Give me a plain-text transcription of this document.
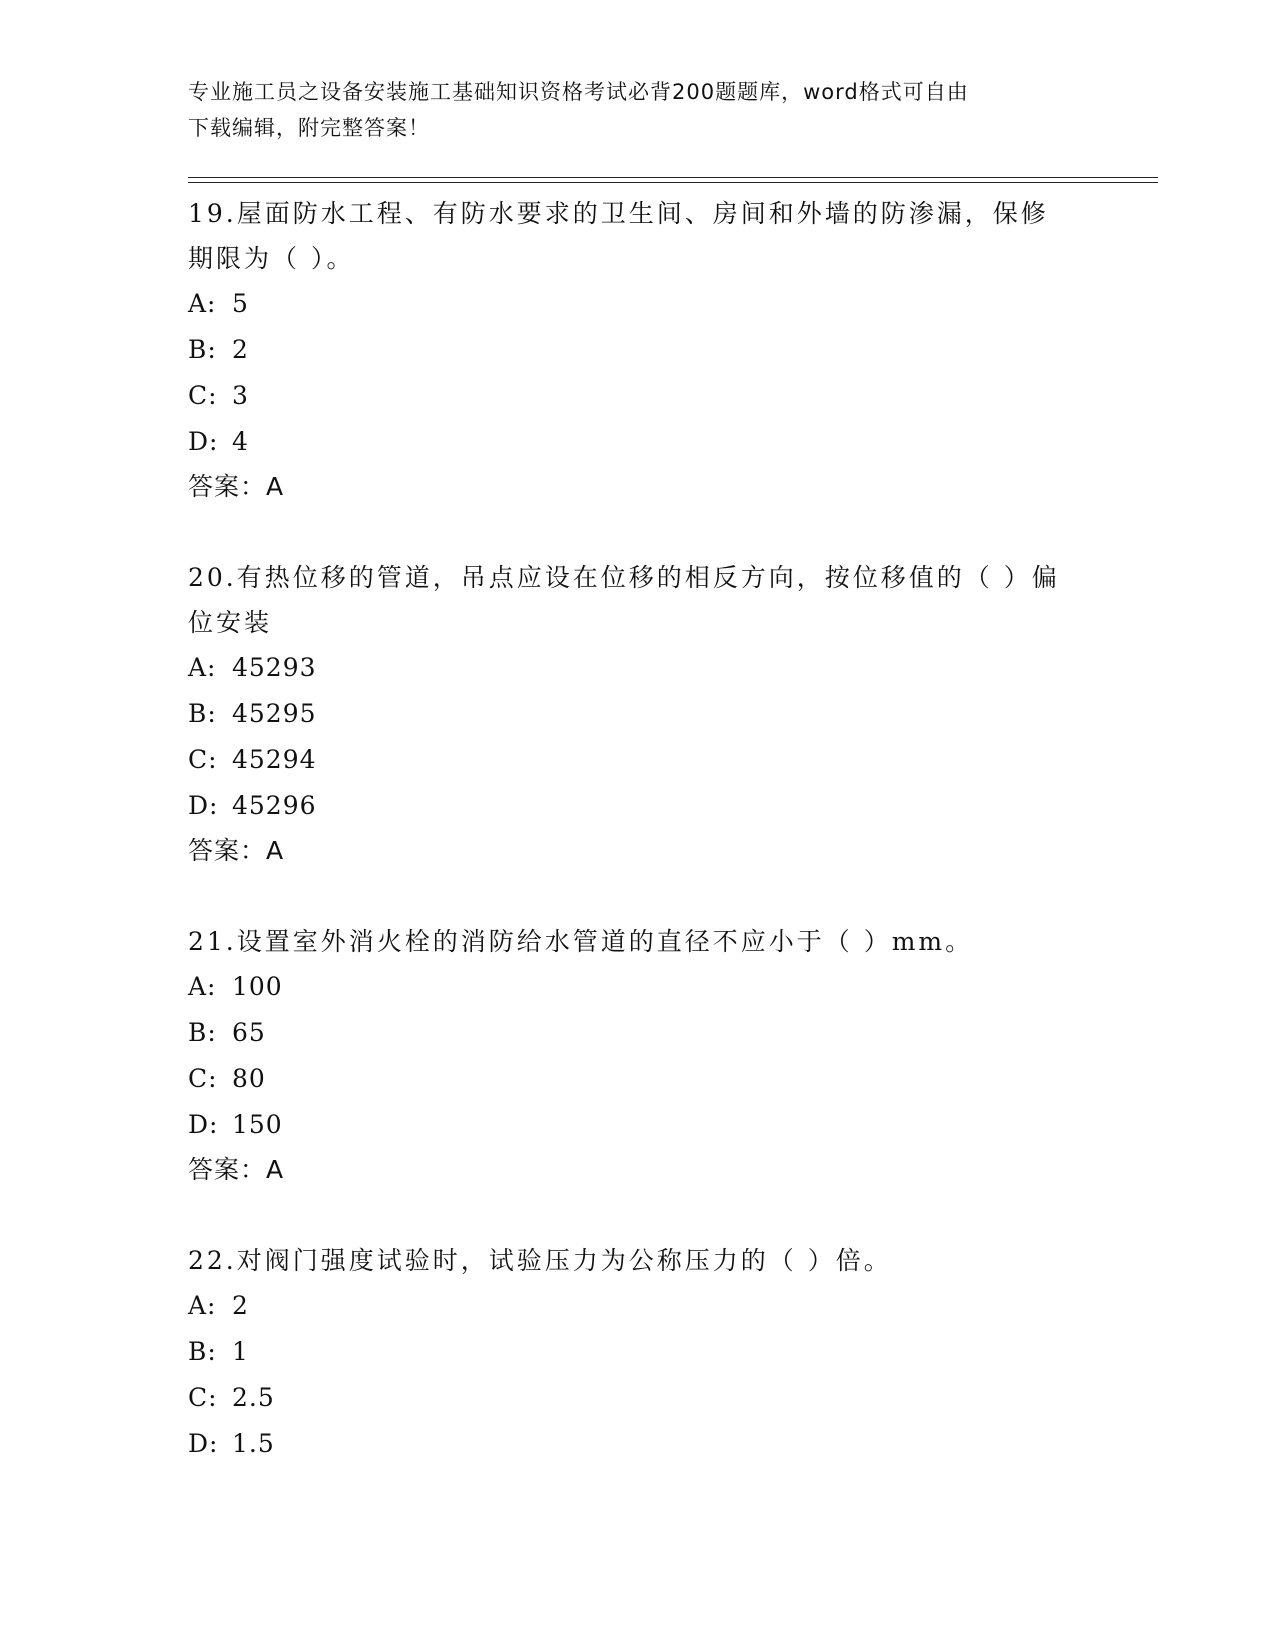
专业施工员之设备安装施工基础知识资格考试必背200题题库，word格式可自由
下载编辑，附完整答案！

19.屋面防水工程、有防水要求的卫生间、房间和外墙的防渗漏，保修期限为（ ）。

A: 5

B: 2

C: 3

D: 4

答案：A

20.有热位移的管道，吊点应设在位移的相反方向，按位移值的（ ）偏位安装

A: 45293

B: 45295

C: 45294

D: 45296

答案：A

21.设置室外消火栓的消防给水管道的直径不应小于（ ）mm。

A: 100

B: 65

C: 80

D: 150

答案：A

22.对阀门强度试验时，试验压力为公称压力的（ ）倍。

A: 2

B: 1

C: 2.5

D: 1.5
